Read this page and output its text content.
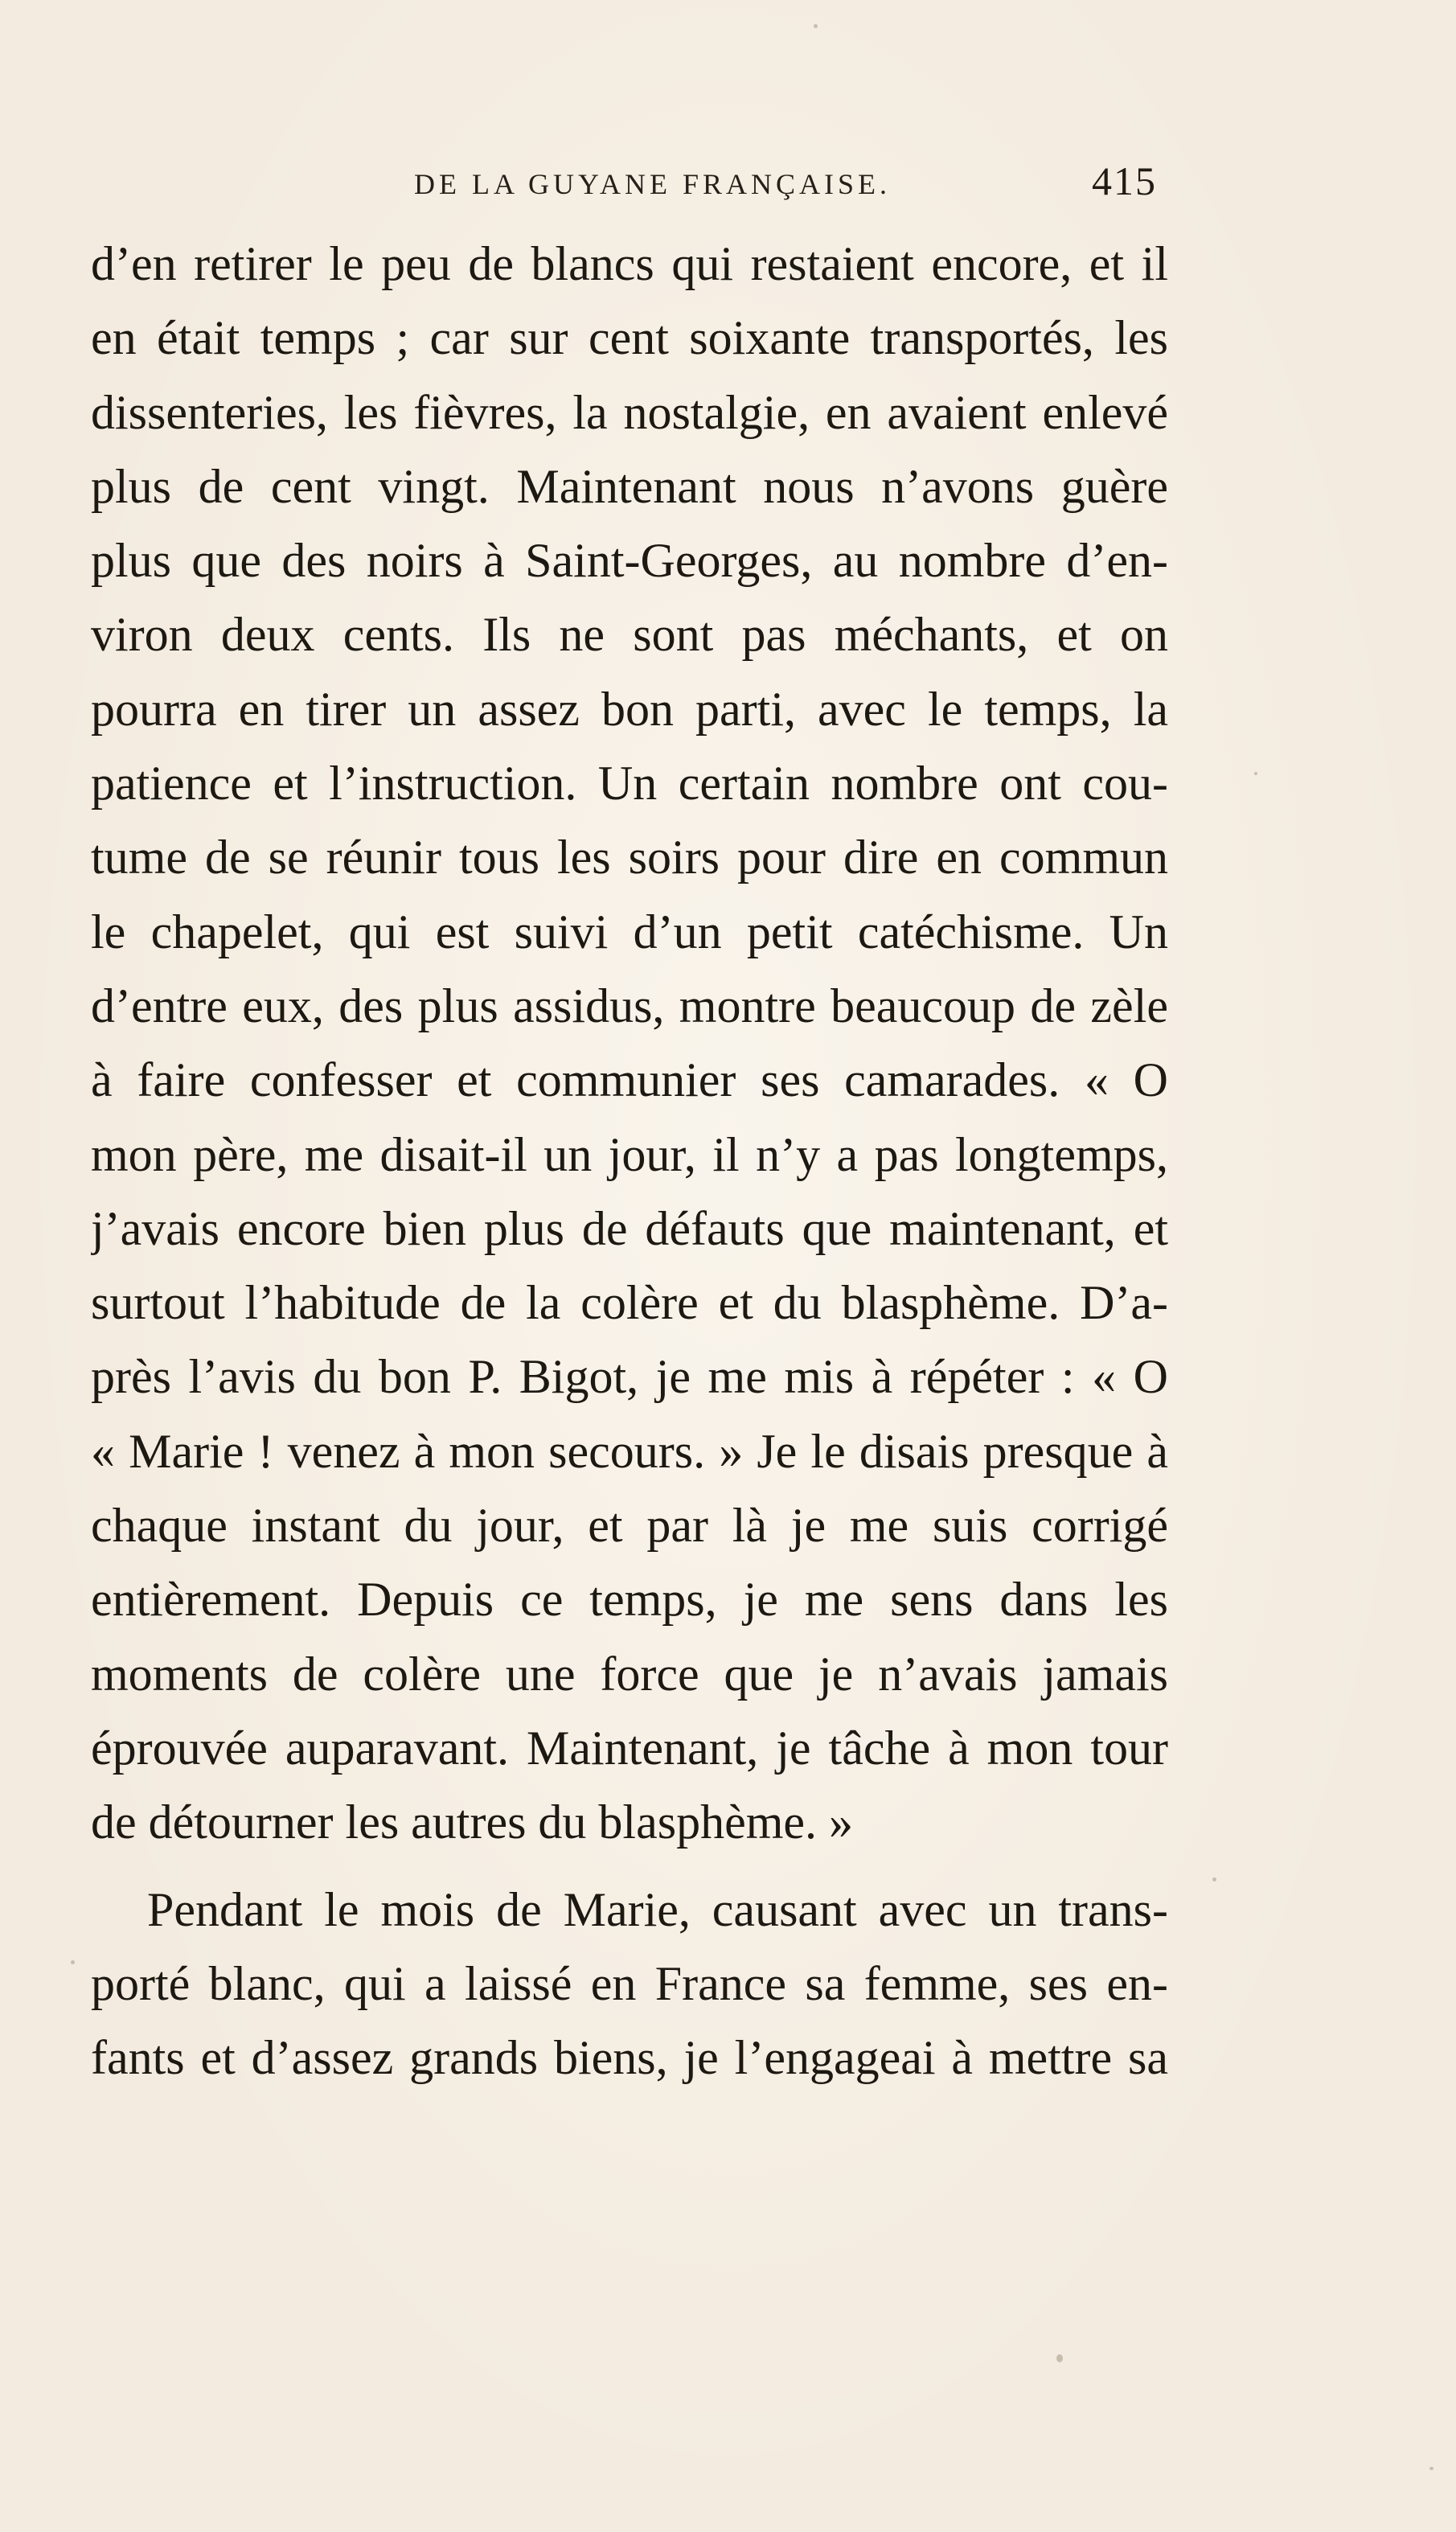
DE LA GUYANE FRANÇAISE.	415
d’en retirer le peu de blancs qui restaient encore, et il
en était temps ; car sur cent soixante transportés, les
dissenteries, les fièvres, la nostalgie, en avaient enlevé
plus de cent vingt. Maintenant nous n’avons guère
plus que des noirs à Saint-Georges, au nombre d’en-
viron deux cents. Ils ne sont pas méchants, et on
pourra en tirer un assez bon parti, avec le temps, la
patience et l’instruction. Un certain nombre ont cou-
tume de se réunir tous les soirs pour dire en commun
le chapelet, qui est suivi d’un petit catéchisme. Un
d’entre eux, des plus assidus, montre beaucoup de zèle
à faire confesser et communier ses camarades. « O
mon père, me disait-il un jour, il n’y a pas longtemps,
j’avais encore bien plus de défauts que maintenant, et
surtout l’habitude de la colère et du blasphème. D’a-
près l’avis du bon P. Bigot, je me mis à répéter : « O
« Marie ! venez à mon secours. » Je le disais presque à
chaque instant du jour, et par là je me suis corrigé
entièrement. Depuis ce temps, je me sens dans les
moments de colère une force que je n’avais jamais
éprouvée auparavant. Maintenant, je tâche à mon tour
de détourner les autres du blasphème. »
Pendant le mois de Marie, causant avec un trans-
porté blanc, qui a laissé en France sa femme, ses en-
fants et d’assez grands biens, je l’engageai à mettre sa
